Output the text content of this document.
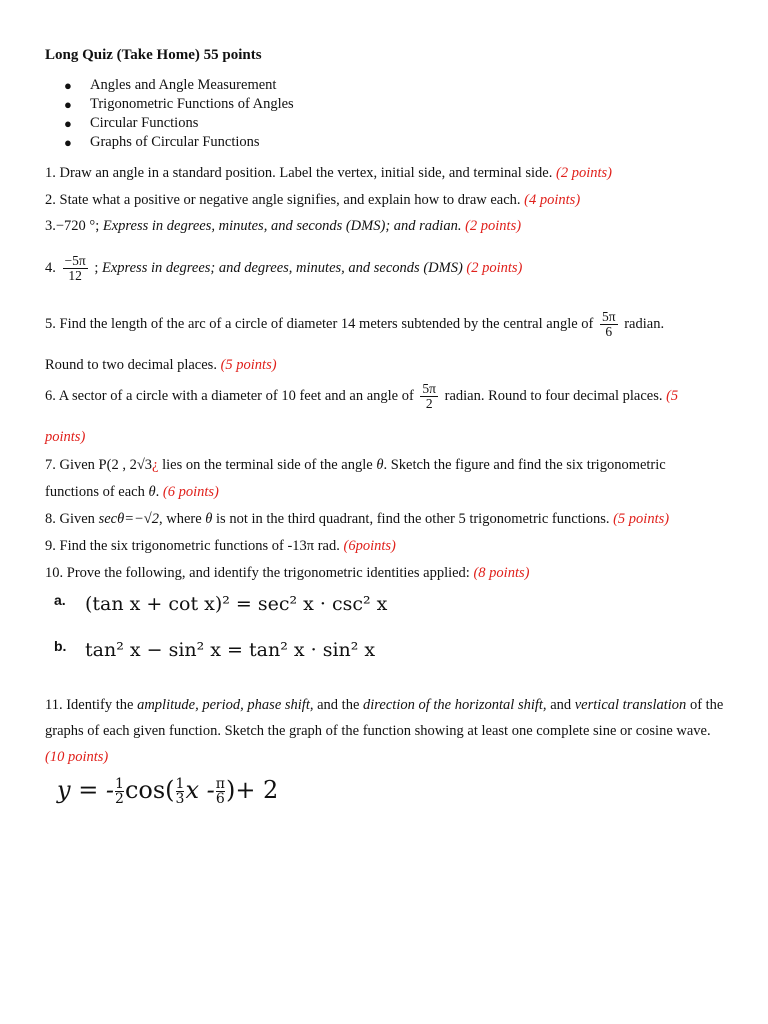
Long Quiz (Take Home) 55 points
● Angles and Angle Measurement
● Trigonometric Functions of Angles
● Circular Functions
● Graphs of Circular Functions
1. Draw an angle in a standard position. Label the vertex, initial side, and terminal side. (2 points)
2. State what a positive or negative angle signifies, and explain how to draw each. (4 points)
3.−720 °; Express in degrees, minutes, and seconds (DMS); and radian. (2 points)
4. $\frac{-5\pi}{12}$ ; Express in degrees; and degrees, minutes, and seconds (DMS) (2 points)
5. Find the length of the arc of a circle of diameter 14 meters subtended by the central angle of $\frac{5\pi}{6}$ radian.
Round to two decimal places. (5 points)
6. A sector of a circle with a diameter of 10 feet and an angle of $\frac{5\pi}{2}$ radian. Round to four decimal places. (5
points)
7. Given P(2 , 2√3¿ lies on the terminal side of the angle θ. Sketch the figure and find the six trigonometric
functions of each θ. (6 points)
8. Given secθ=−√2, where θ is not in the third quadrant, find the other 5 trigonometric functions. (5 points)
9. Find the six trigonometric functions of -13π rad. (6points)
10. Prove the following, and identify the trigonometric identities applied: (8 points)
a. (tan x + cot x)² = sec² x · csc² x
b. tan² x − sin² x = tan² x · sin² x
11. Identify the amplitude, period, phase shift, and the direction of the horizontal shift, and vertical translation of the graphs of each given function. Sketch the graph of the function showing at least one complete sine or cosine wave. (10 points)
y = - $\frac{1}{2} \cos( \frac{1}{3}$ x - $\frac{\pi}{6}$ )+ 2
